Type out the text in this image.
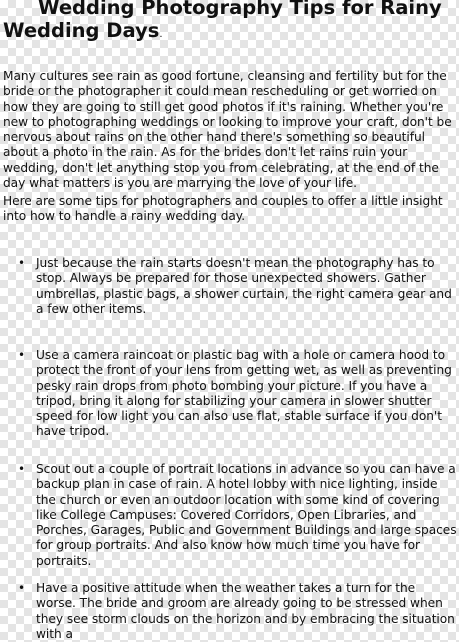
Wedding Photography Tips for Rainy
Wedding Days.

Many cultures see rain as good fortune, cleansing and fertility but for the bride or the photographer it could mean rescheduling or get worried on how they are going to still get good photos if it's raining. Whether you're new to photographing weddings or looking to improve your craft, don't be nervous about rains on the other hand there's something so beautiful about a photo in the rain. As for the brides don't let rains ruin your wedding, don't let anything stop you from celebrating, at the end of the day what matters is you are marrying the love of your life.

Here are some tips for photographers and couples to offer a little insight into how to handle a rainy wedding day.

• Just because the rain starts doesn't mean the photography has to stop. Always be prepared for those unexpected showers. Gather umbrellas, plastic bags, a shower curtain, the right camera gear and a few other items.
• Use a camera raincoat or plastic bag with a hole or camera hood to protect the front of your lens from getting wet, as well as preventing pesky rain drops from photo bombing your picture. If you have a tripod, bring it along for stabilizing your camera in slower shutter speed for low light you can also use flat, stable surface if you don't have tripod.
• Scout out a couple of portrait locations in advance so you can have a backup plan in case of rain. A hotel lobby with nice lighting, inside the church or even an outdoor location with some kind of covering like College Campuses: Covered Corridors, Open Libraries, and Porches, Garages, Public and Government Buildings and large spaces for group portraits. And also know how much time you have for portraits.
• Have a positive attitude when the weather takes a turn for the worse. The bride and groom are already going to be stressed when they see storm clouds on the horizon and by embracing the situation with a
